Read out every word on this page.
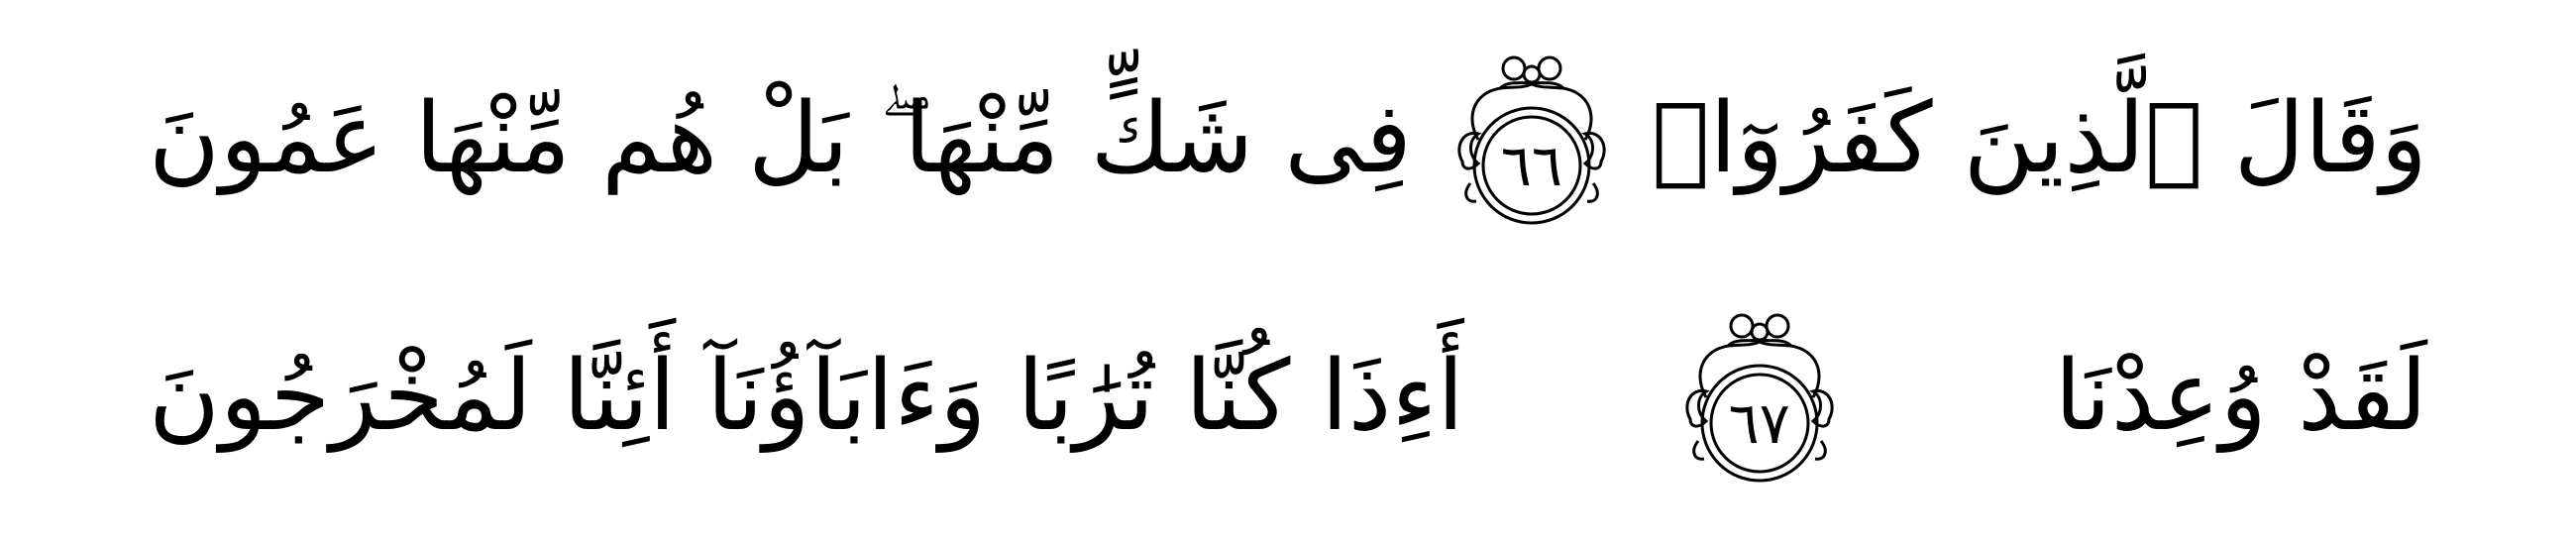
وَقَالَ ٱلَّذِينَ كَفَرُوٓا۟
٦٦
فِى شَكٍّ مِّنْهَا ۖ بَلْ هُم مِّنْهَا عَمُونَ
لَقَدْ وُعِدْنَا
٦٧
أَءِذَا كُنَّا تُرَٰبًا وَءَابَآؤُنَآ أَئِنَّا لَمُخْرَجُونَ
